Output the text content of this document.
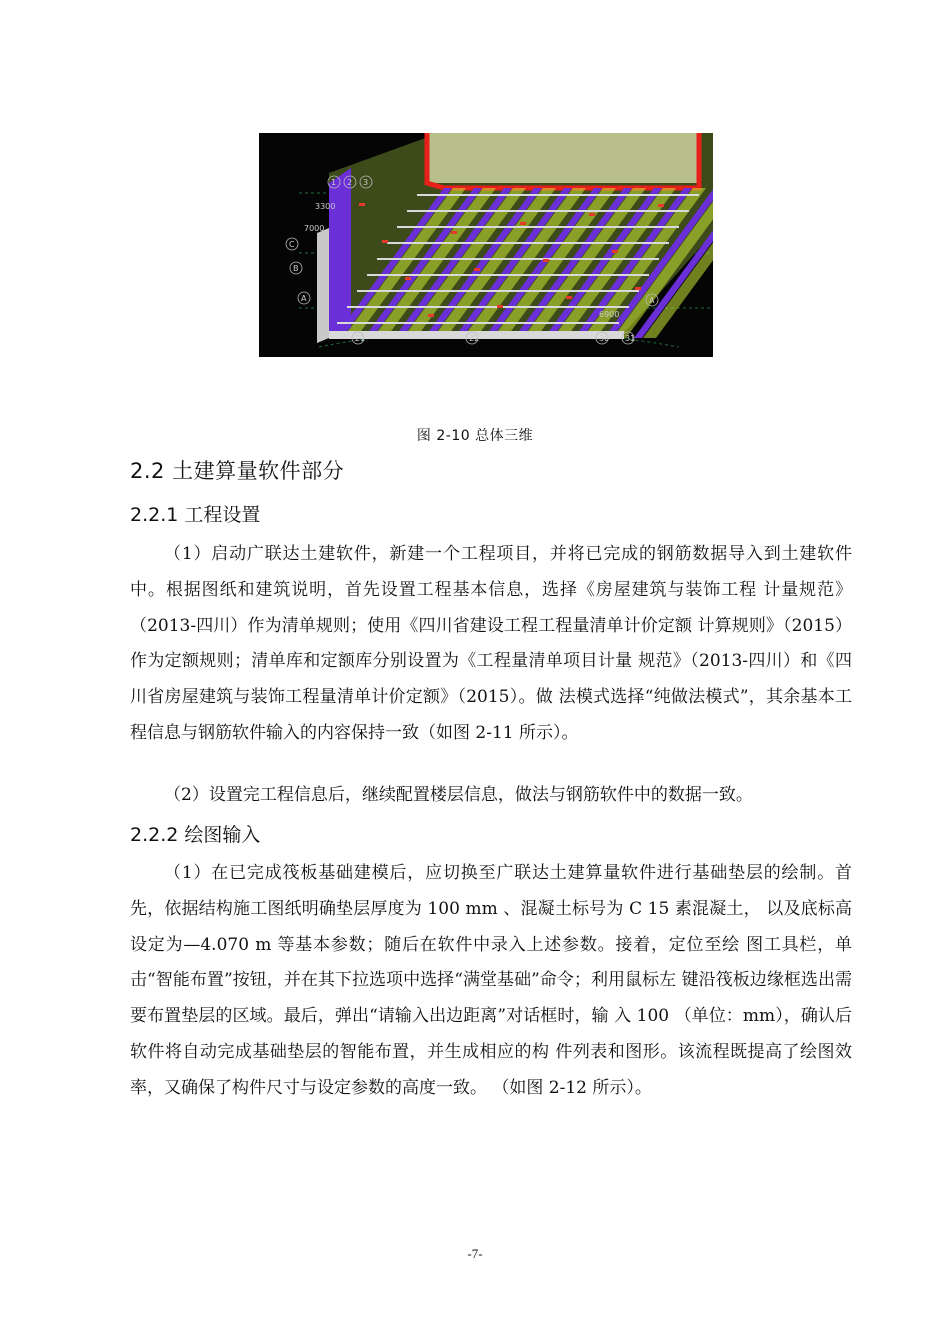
1 2 3
3300
7000
C
B
A	A
21	22	30 31
6900
图 2-10 总体三维
2.2 土建算量软件部分
2.2.1 工程设置

（1）启动广联达土建软件，新建一个工程项目，并将已完成的钢筋数据导入到土建软件中。根据图纸和建筑说明，首先设置工程基本信息，选择《房屋建筑与装饰工程 计量规范》（2013-四川）作为清单规则；使用《四川省建设工程工程量清单计价定额 计算规则》（2015）作为定额规则；清单库和定额库分别设置为《工程量清单项目计量 规范》（2013-四川）和《四川省房屋建筑与装饰工程量清单计价定额》（2015）。做 法模式选择“纯做法模式”，其余基本工程信息与钢筋软件输入的内容保持一致（如图 2-11 所示）。

（2）设置完工程信息后，继续配置楼层信息，做法与钢筋软件中的数据一致。

2.2.2 绘图输入

（1）在已完成筏板基础建模后，应切换至广联达土建算量软件进行基础垫层的绘制。首先，依据结构施工图纸明确垫层厚度为 100 mm 、混凝土标号为 C 15 素混凝土， 以及底标高设定为—4.070 m 等基本参数；随后在软件中录入上述参数。接着，定位至绘 图工具栏，单击“智能布置”按钮，并在其下拉选项中选择“满堂基础”命令；利用鼠标左 键沿筏板边缘框选出需要布置垫层的区域。最后，弹出“请输入出边距离”对话框时，输 入 100 （单位：mm），确认后软件将自动完成基础垫层的智能布置，并生成相应的构 件列表和图形。该流程既提高了绘图效率，又确保了构件尺寸与设定参数的高度一致。 （如图 2-12 所示）。

-7-
